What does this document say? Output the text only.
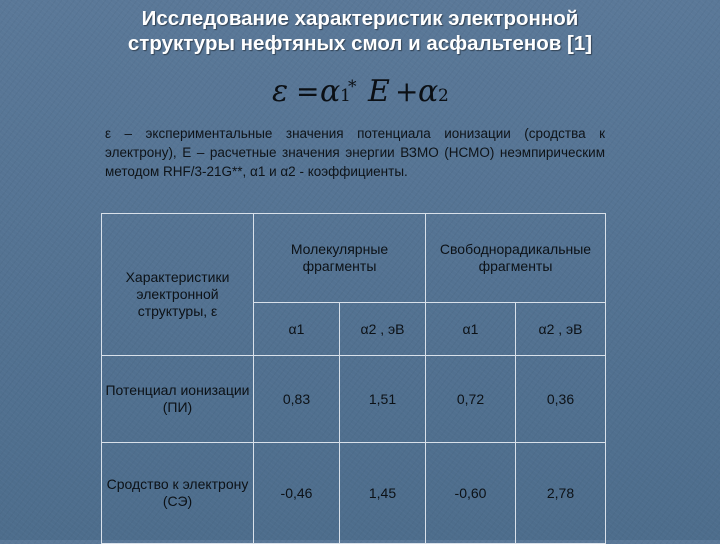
Исследование характеристик электронной
структуры нефтяных смол и асфальтенов [1]
ε = α 1
* E + α 2
ε – экспериментальные значения потенциала ионизации (сродства к электрону), Е – расчетные значения энергии ВЗМО (НСМО) неэмпирическим методом RHF/3-21G**, α1 и α2 - коэффициенты.
Характеристики электронной структуры, ε	Молекулярные фрагменты		Свободнорадикальные фрагменты	
	α1	α2 , эВ	α1	α2 , эВ
Потенциал ионизации (ПИ)	0,83	1,51	0,72	0,36
Сродство к электрону (СЭ)	-0,46	1,45	-0,60	2,78
